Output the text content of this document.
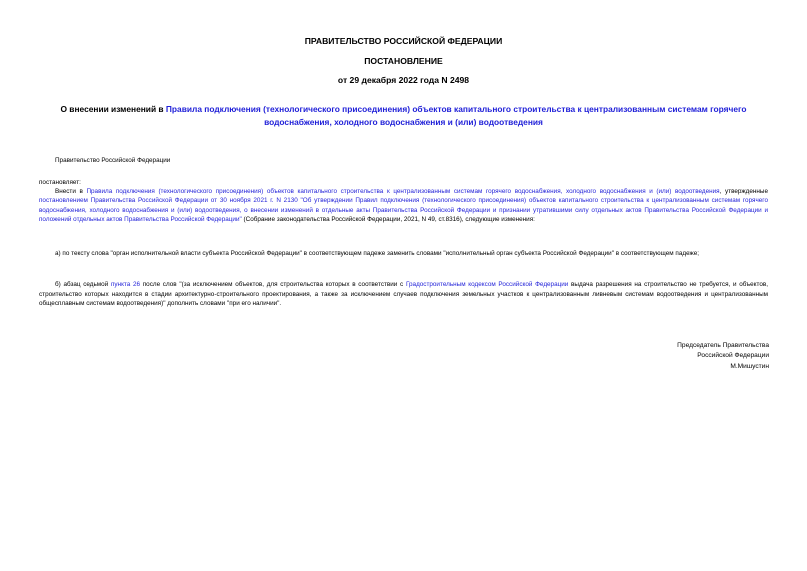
ПРАВИТЕЛЬСТВО РОССИЙСКОЙ ФЕДЕРАЦИИ
ПОСТАНОВЛЕНИЕ
от 29 декабря 2022 года N 2498
О внесении изменений в Правила подключения (технологического присоединения) объектов капитального строительства к централизованным системам горячего водоснабжения, холодного водоснабжения и (или) водоотведения
Правительство Российской Федерации
постановляет:
Внести в Правила подключения (технологического присоединения) объектов капитального строительства к централизованным системам горячего водоснабжения, холодного водоснабжения и (или) водоотведения, утвержденные постановлением Правительства Российской Федерации от 30 ноября 2021 г. N 2130 "Об утверждении Правил подключения (технологического присоединения) объектов капитального строительства к централизованным системам горячего водоснабжения, холодного водоснабжения и (или) водоотведения, о внесении изменений в отдельные акты Правительства Российской Федерации и признании утратившими силу отдельных актов Правительства Российской Федерации и положений отдельных актов Правительства Российской Федерации" (Собрание законодательства Российской Федерации, 2021, N 49, ст.8316), следующие изменения:
а) по тексту слова "орган исполнительной власти субъекта Российской Федерации" в соответствующем падеже заменить словами "исполнительный орган субъекта Российской Федерации" в соответствующем падеже;
б) абзац седьмой пункта 26 после слов "(за исключением объектов, для строительства которых в соответствии с Градостроительным кодексом Российской Федерации выдача разрешения на строительство не требуется, и объектов, строительство которых находится в стадии архитектурно-строительного проектирования, а также за исключением случаев подключения земельных участков к централизованным ливневым системам водоотведения и централизованным общесплавным системам водоотведения)" дополнить словами "при его наличии".
Председатель Правительства
Российской Федерации
М.Мишустин
